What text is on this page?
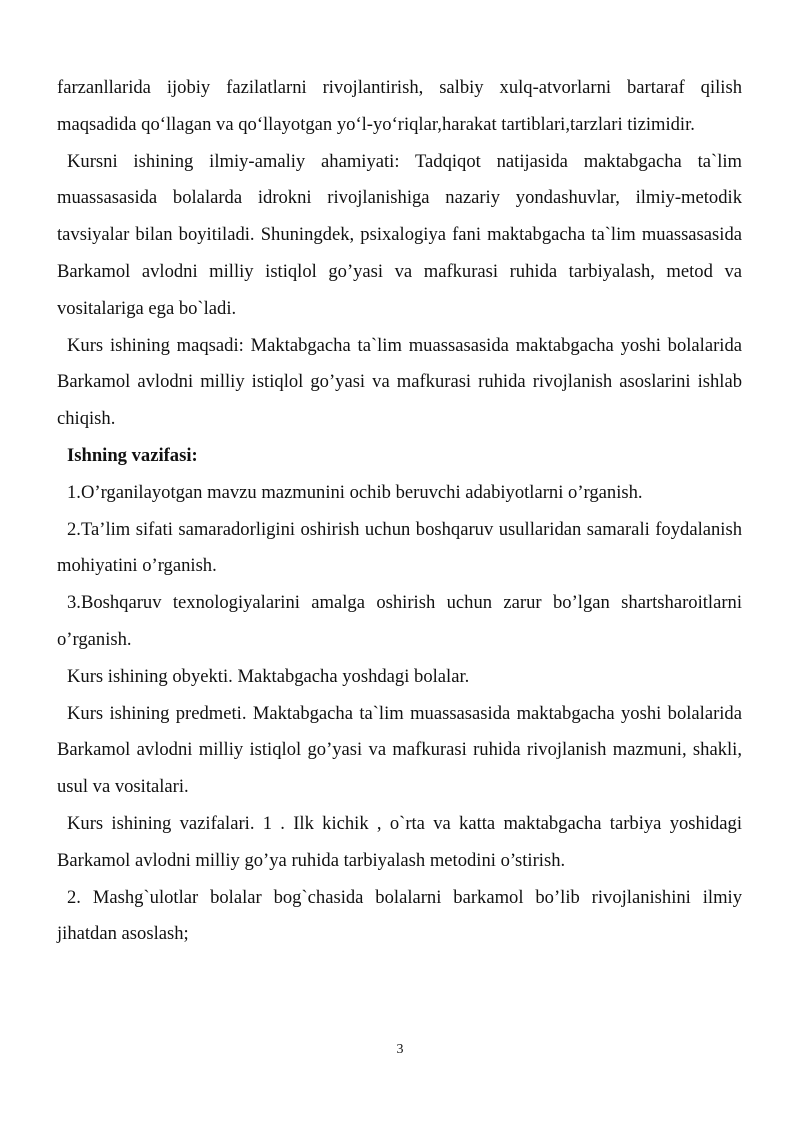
farzanllarida ijobiy fazilatlarni rivojlantirish, salbiy xulq-atvorlarni bartaraf qilish maqsadida qo‘llagan va qo‘llayotgan yo‘l-yo‘riqlar,harakat tartiblari,tarzlari tizimidir.

Kursni ishining ilmiy-amaliy ahamiyati: Tadqiqot natijasida maktabgacha ta`lim muassasasida bolalarda idrokni rivojlanishiga nazariy yondashuvlar, ilmiy-metodik tavsiyalar bilan boyitiladi. Shuningdek, psixalogiya fani maktabgacha ta`lim muassasasida Barkamol avlodni milliy istiqlol go’yasi va mafkurasi ruhida tarbiyalash, metod va vositalariga ega bo`ladi.

Kurs ishining maqsadi: Maktabgacha ta`lim muassasasida maktabgacha yoshi bolalarida Barkamol avlodni milliy istiqlol go’yasi va mafkurasi ruhida rivojlanish asoslarini ishlab chiqish.

Ishning vazifasi:

1.O’rganilayotgan mavzu mazmunini ochib beruvchi adabiyotlarni o’rganish.

2.Ta’lim sifati samaradorligini oshirish uchun boshqaruv usullaridan samarali foydalanish mohiyatini o’rganish.

3.Boshqaruv texnologiyalarini amalga oshirish uchun zarur bo’lgan shartsharoitlarni o’rganish.

Kurs ishining obyekti. Maktabgacha yoshdagi bolalar.

Kurs ishining predmeti. Maktabgacha ta`lim muassasasida maktabgacha yoshi bolalarida Barkamol avlodni milliy istiqlol go’yasi va mafkurasi ruhida rivojlanish mazmuni, shakli, usul va vositalari.

Kurs ishining vazifalari. 1 . Ilk kichik , o`rta va katta maktabgacha tarbiya yoshidagi Barkamol avlodni milliy go’ya ruhida tarbiyalash metodini o’stirish.

2. Mashg`ulotlar bolalar bog`chasida bolalarni barkamol bo’lib rivojlanishini ilmiy jihatdan asoslash;

3
